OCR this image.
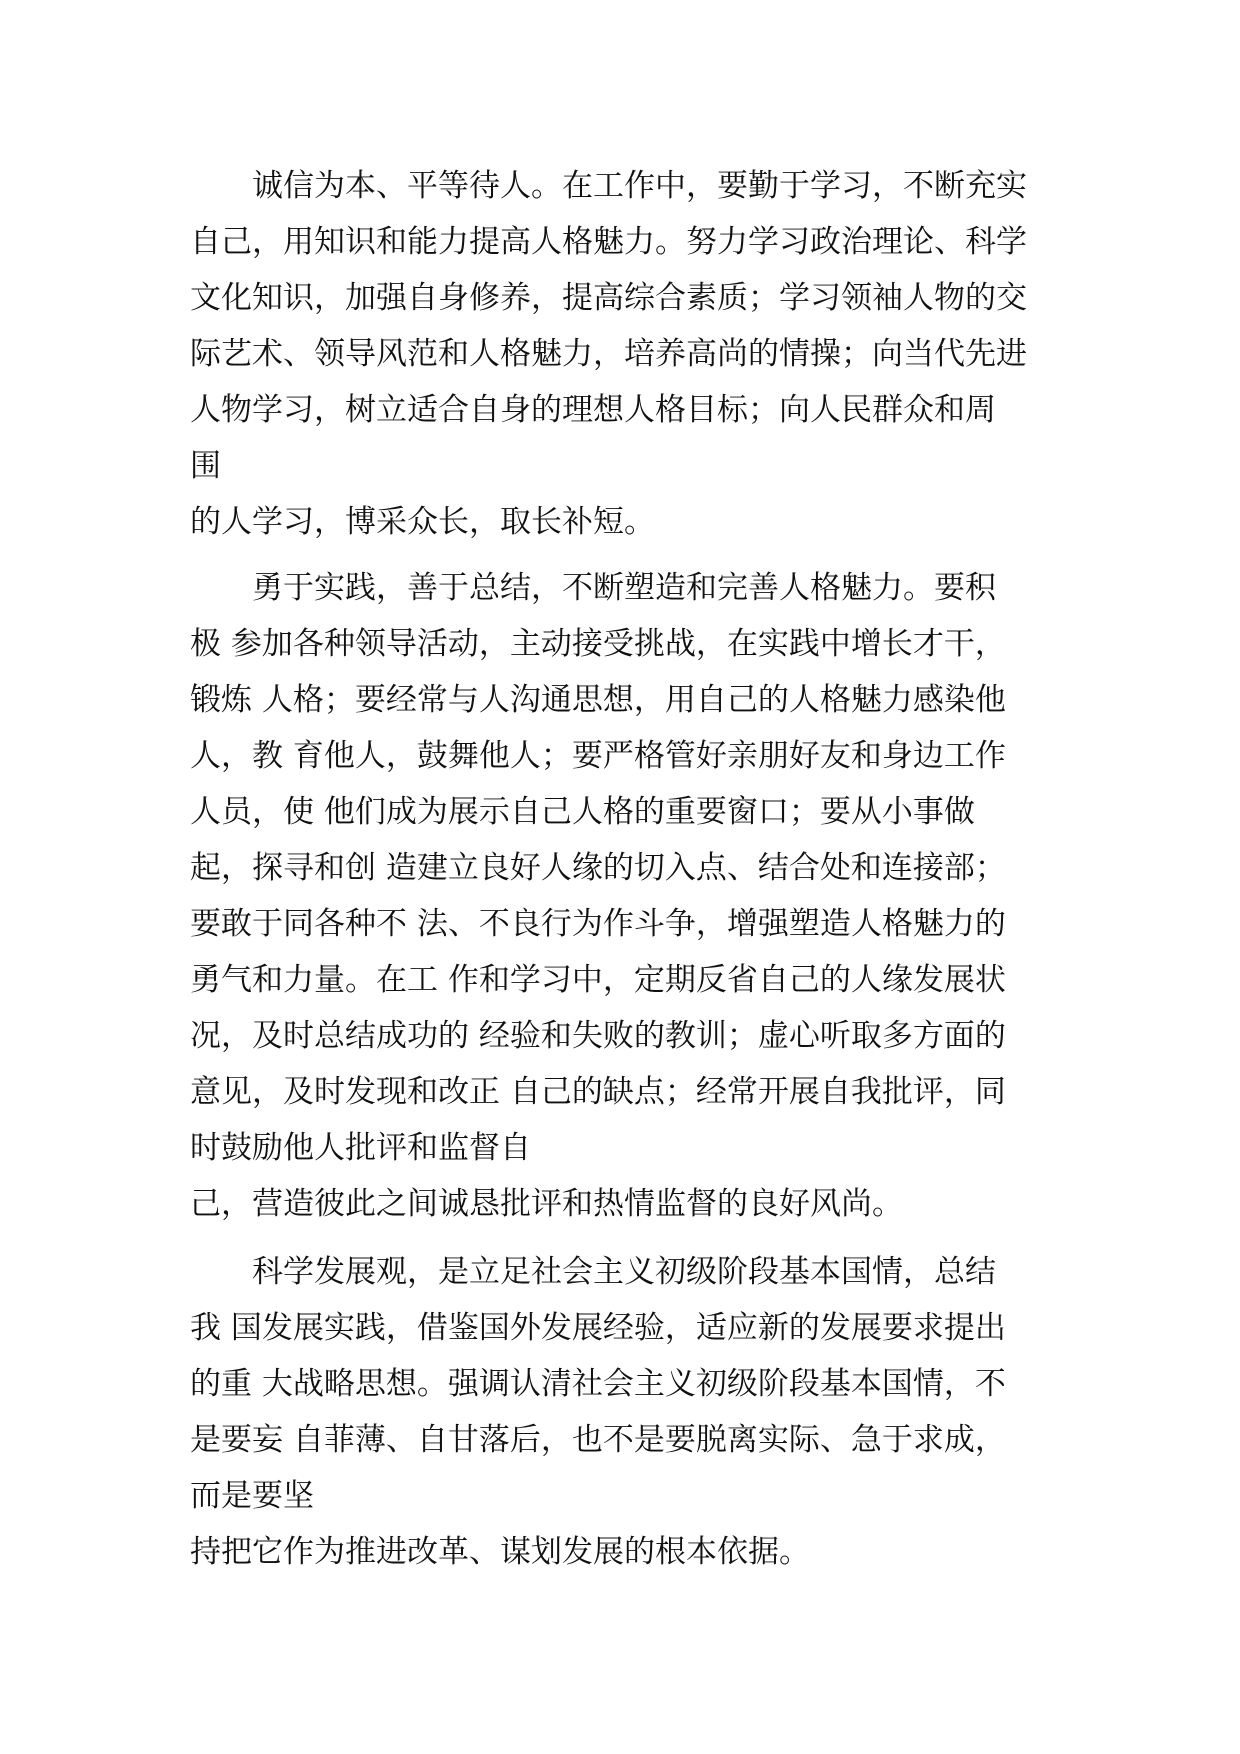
诚信为本、平等待人。在工作中，要勤于学习，不断充实
自己，用知识和能力提高人格魅力。努力学习政治理论、科学
文化知识，加强自身修养，提高综合素质；学习领袖人物的交
际艺术、领导风范和人格魅力，培养高尚的情操；向当代先进
人物学习，树立适合自身的理想人格目标；向人民群众和周
围
的人学习，博采众长，取长补短。
勇于实践，善于总结，不断塑造和完善人格魅力。要积
极 参加各种领导活动，主动接受挑战，在实践中增长才干，
锻炼 人格；要经常与人沟通思想，用自己的人格魅力感染他
人，教 育他人，鼓舞他人；要严格管好亲朋好友和身边工作
人员，使 他们成为展示自己人格的重要窗口；要从小事做
起，探寻和创 造建立良好人缘的切入点、结合处和连接部；
要敢于同各种不 法、不良行为作斗争，增强塑造人格魅力的
勇气和力量。在工 作和学习中，定期反省自己的人缘发展状
况，及时总结成功的 经验和失败的教训；虚心听取多方面的
意见，及时发现和改正 自己的缺点；经常开展自我批评，同
时鼓励他人批评和监督自
己，营造彼此之间诚恳批评和热情监督的良好风尚。
科学发展观，是立足社会主义初级阶段基本国情，总结
我 国发展实践，借鉴国外发展经验，适应新的发展要求提出
的重 大战略思想。强调认清社会主义初级阶段基本国情，不
是要妄 自菲薄、自甘落后，也不是要脱离实际、急于求成，
而是要坚
持把它作为推进改革、谋划发展的根本依据。
